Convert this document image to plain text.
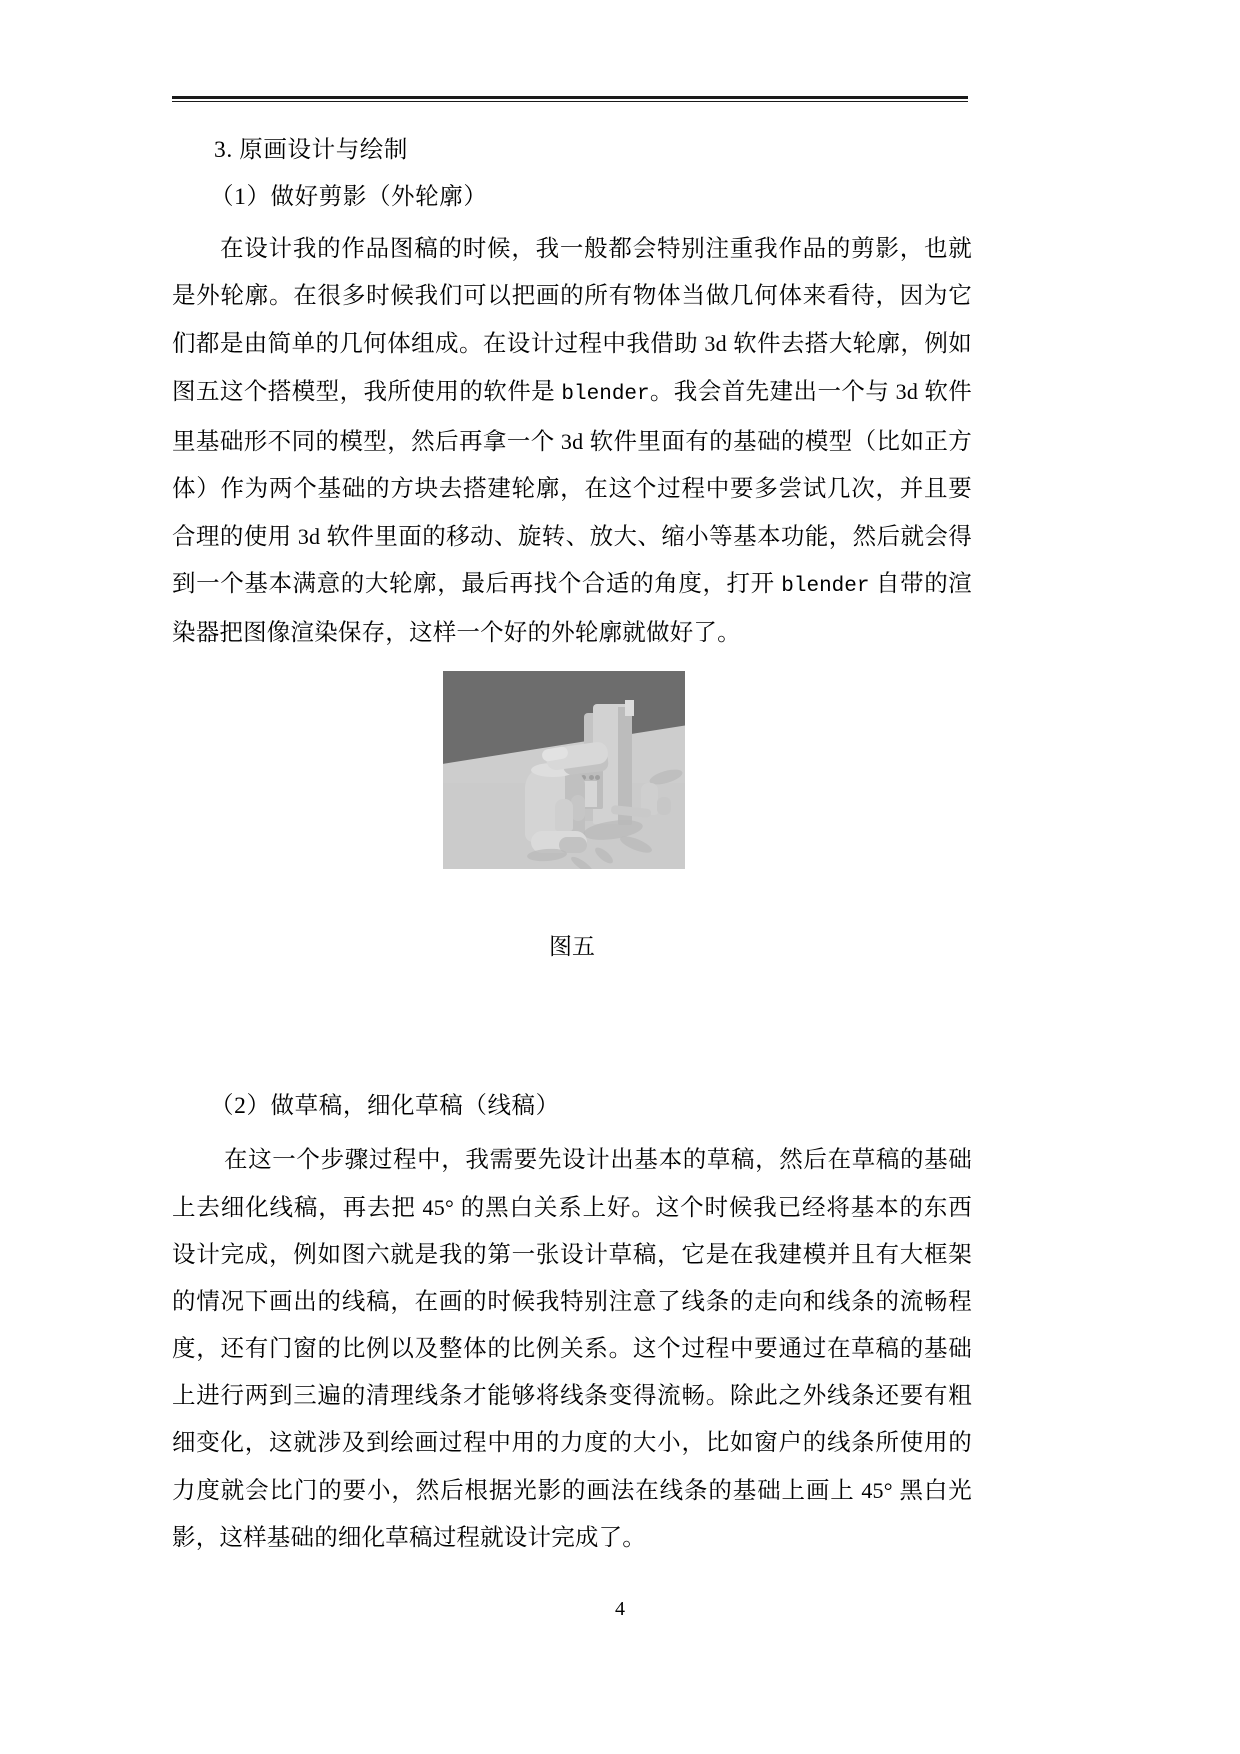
3. 原画设计与绘制
（1）做好剪影（外轮廓）

在设计我的作品图稿的时候，我一般都会特别注重我作品的剪影，也就是外轮廓。在很多时候我们可以把画的所有物体当做几何体来看待，因为它们都是由简单的几何体组成。在设计过程中我借助 3d 软件去搭大轮廓，例如图五这个搭模型，我所使用的软件是 blender。我会首先建出一个与 3d 软件里基础形不同的模型，然后再拿一个 3d 软件里面有的基础的模型（比如正方体）作为两个基础的方块去搭建轮廓，在这个过程中要多尝试几次，并且要合理的使用 3d 软件里面的移动、旋转、放大、缩小等基本功能，然后就会得到一个基本满意的大轮廓，最后再找个合适的角度，打开 blender 自带的渲染器把图像渲染保存，这样一个好的外轮廓就做好了。

图五
（2）做草稿，细化草稿（线稿）

在这一个步骤过程中，我需要先设计出基本的草稿，然后在草稿的基础上去细化线稿，再去把 45° 的黑白关系上好。这个时候我已经将基本的东西设计完成，例如图六就是我的第一张设计草稿，它是在我建模并且有大框架的情况下画出的线稿，在画的时候我特别注意了线条的走向和线条的流畅程度，还有门窗的比例以及整体的比例关系。这个过程中要通过在草稿的基础上进行两到三遍的清理线条才能够将线条变得流畅。除此之外线条还要有粗细变化，这就涉及到绘画过程中用的力度的大小，比如窗户的线条所使用的力度就会比门的要小，然后根据光影的画法在线条的基础上画上 45° 黑白光影，这样基础的细化草稿过程就设计完成了。

4
